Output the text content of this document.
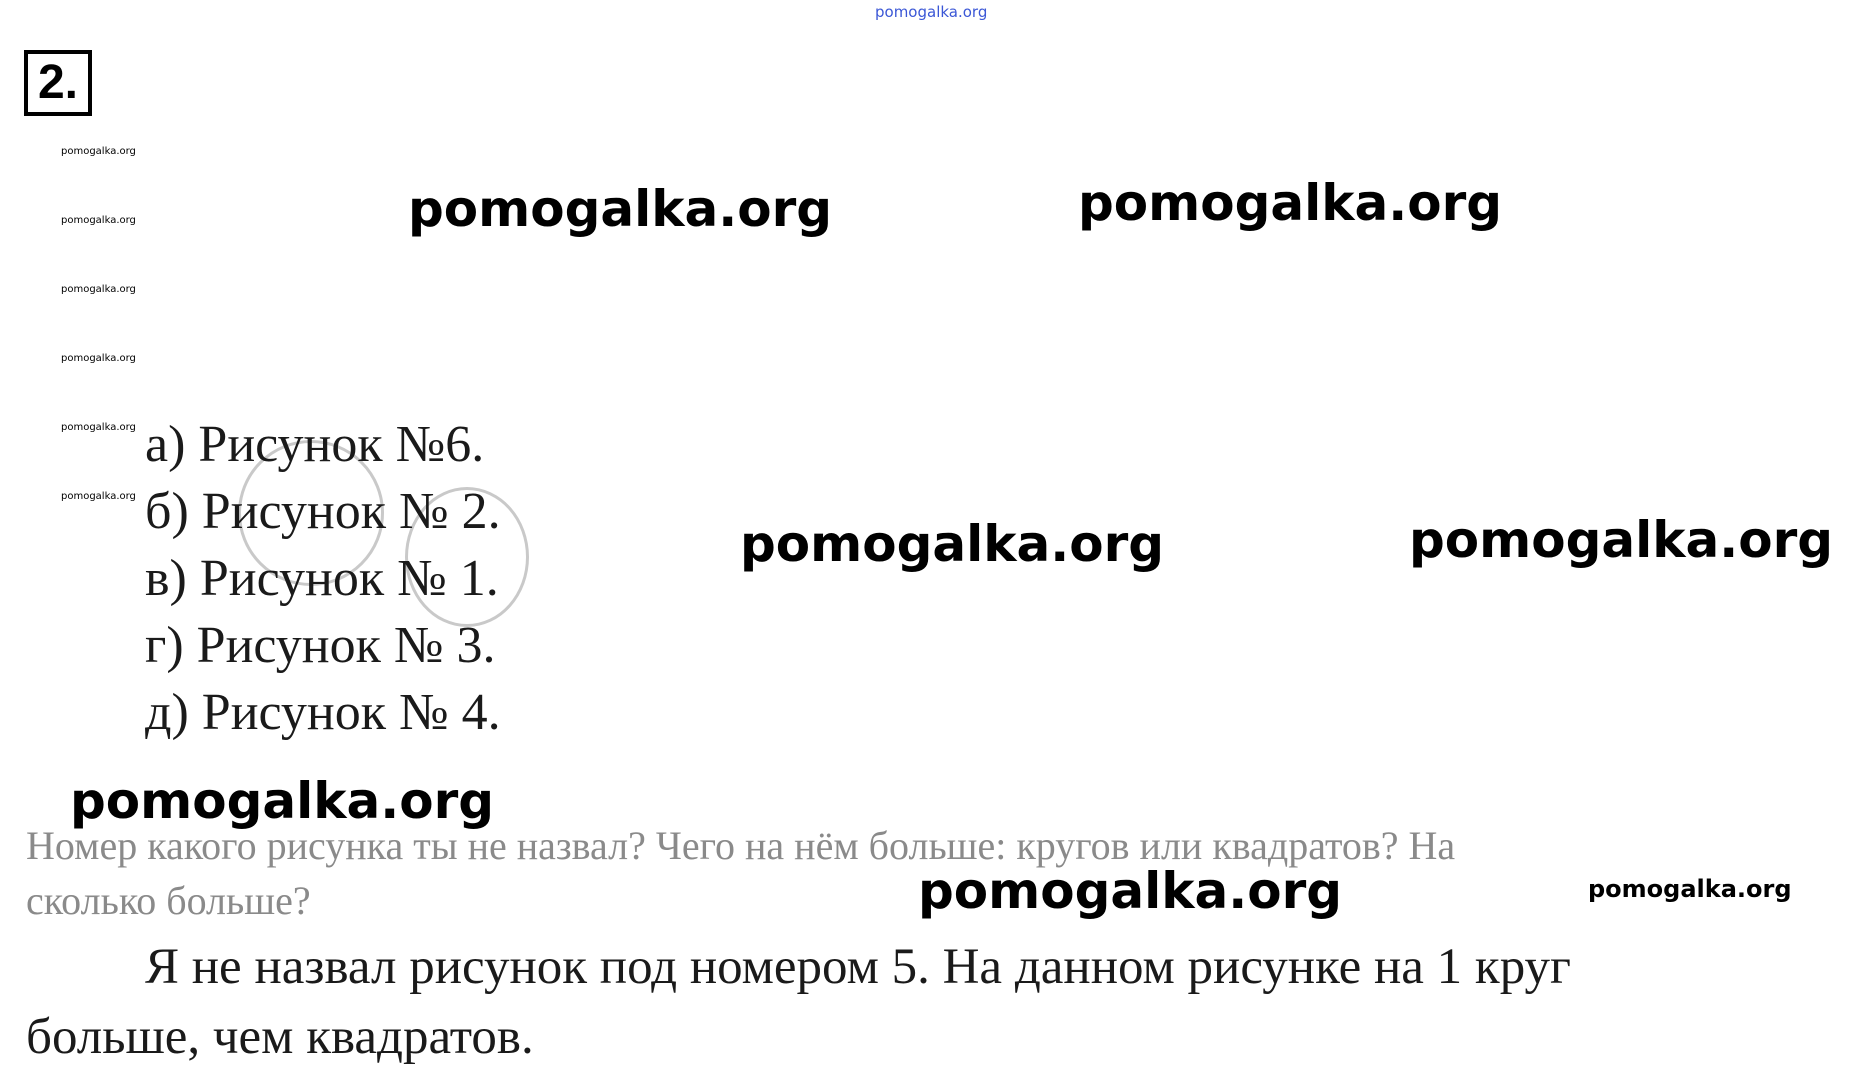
pomogalka.org
2.
pomogalka.org
pomogalka.org
pomogalka.org
pomogalka.org
pomogalka.org
pomogalka.org
pomogalka.org	pomogalka.org
а) Рисунок №6.
б) Рисунок № 2.
в) Рисунок № 1.
г) Рисунок № 3.
д) Рисунок № 4.
pomogalka.org	pomogalka.org
pomogalka.org
Номер какого рисунка ты не назвал? Чего на нём больше: кругов или квадратов? На
сколько больше?	pomogalka.org	pomogalka.org
Я не назвал рисунок под номером 5. На данном рисунке на 1 круг
больше, чем квадратов.
